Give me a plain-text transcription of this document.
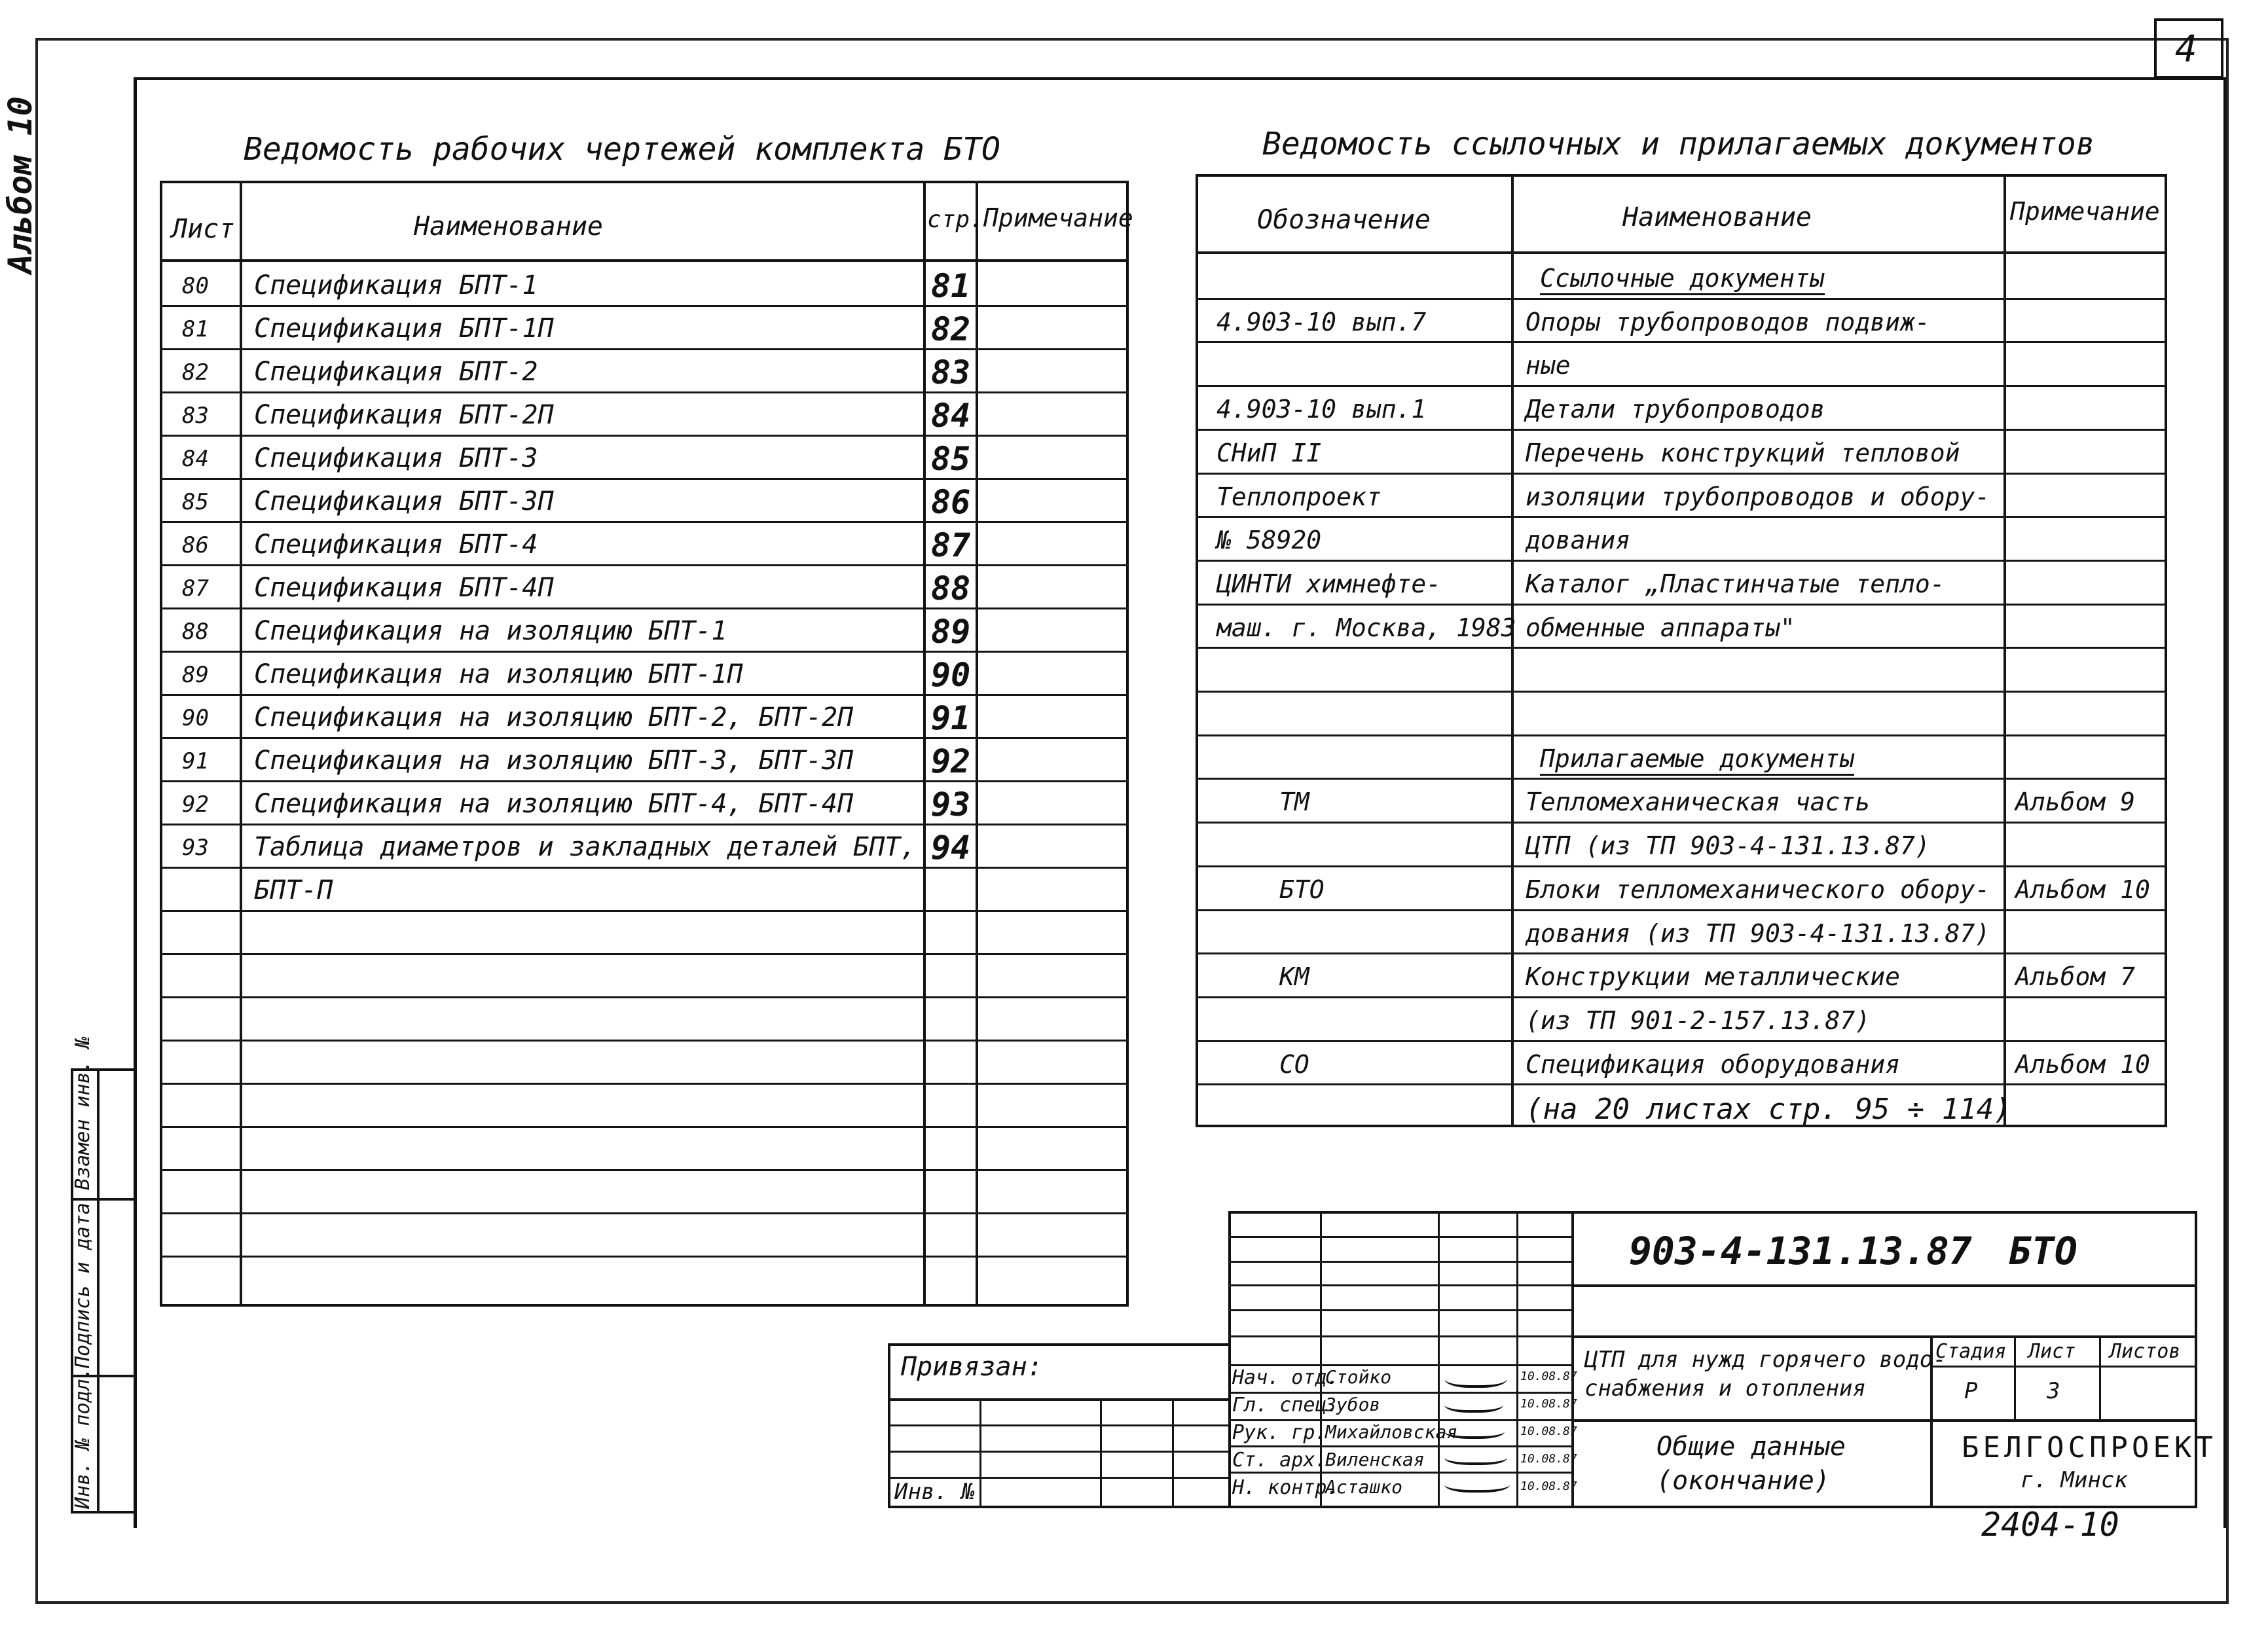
4
Альбом 10
Взамен инв. №
Подпись и дата
Инв. № подл.
Ведомость рабочих чертежей комплекта БТО
Лист	Наименование	стр. Примечание
80 Спецификация БПТ-1	81
81 Спецификация БПТ-1П	82
82 Спецификация БПТ-2	83
83 Спецификация БПТ-2П	84
84 Спецификация БПТ-3	85
85 Спецификация БПТ-3П	86
86 Спецификация БПТ-4	87
87 Спецификация БПТ-4П	88
88 Спецификация на изоляцию БПТ-1	89
89 Спецификация на изоляцию БПТ-1П	90
90 Спецификация на изоляцию БПТ-2, БПТ-2П 91
91 Спецификация на изоляцию БПТ-3, БПТ-3П 92
92 Спецификация на изоляцию БПТ-4, БПТ-4П 93
93 Таблица диаметров и закладных деталей БПТ, 94
БПТ-П
Ведомость ссылочных и прилагаемых документов
Обозначение	Наименование	Примечание
Ссылочные документы
4.903-10 вып.7	Опоры трубопроводов подвиж-
ные
4.903-10 вып.1	Детали трубопроводов
СНиП II	Перечень конструкций тепловой
Теплопроект	изоляции трубопроводов и обору-
№ 58920	дования
ЦИНТИ химнефте-	Каталог „Пластинчатые тепло-
маш. г. Москва, 1983 обменные аппараты"
Прилагаемые документы
ТМ	Тепломеханическая часть	Альбом 9
ЦТП (из ТП 903-4-131.13.87)
БТО	Блоки тепломеханического обору- Альбом 10
дования (из ТП 903-4-131.13.87)
КМ	Конструкции металлические	Альбом 7
(из ТП 901-2-157.13.87)
СО	Спецификация оборудования	Альбом 10
(на 20 листах стр. 95 ÷ 114)
Привязан:
Инв. №
903-4-131.13.87 БТО
ЦТП для нужд горячего водо-
снабжения и отопления
Общие данные
(окончание)
Стадия Лист Листов
Р	3
БЕЛГОСПРОЕКТ
г. Минск
Нач. отд.
Стойко	10.08.87
Гл. спец.
Зубов	10.08.87
Рук. гр.
Михайловская	10.08.87
Ст. арх.
Виленская	10.08.87
Н. контр.
Асташко	10.08.87
2404-10
